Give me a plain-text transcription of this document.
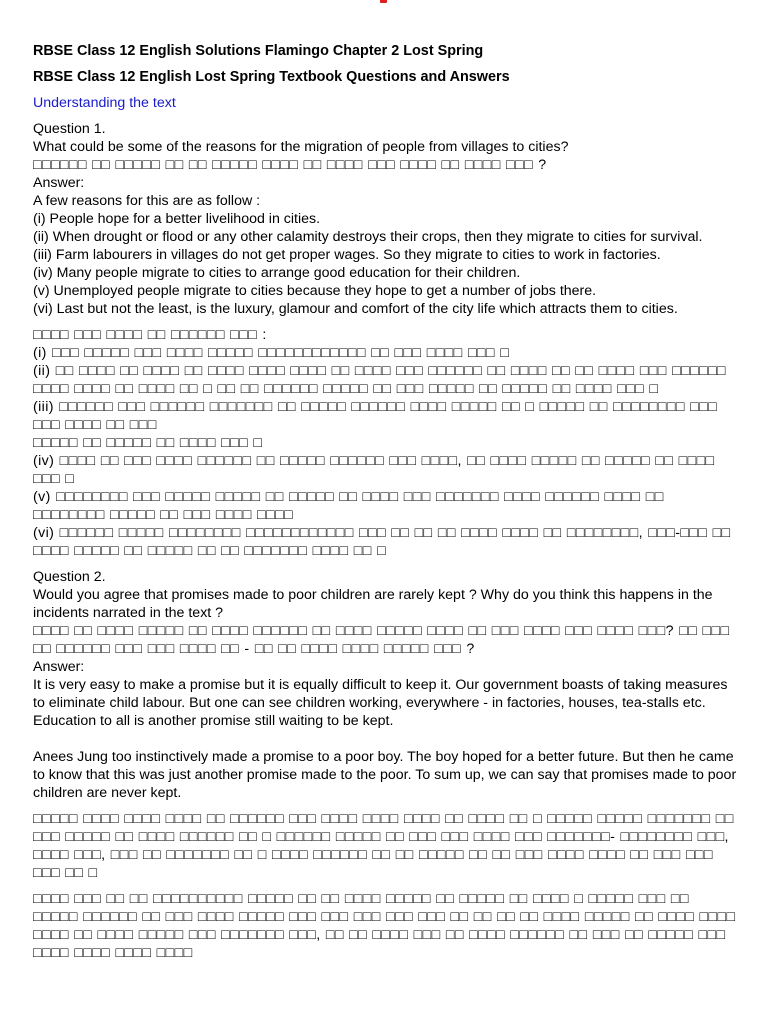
RBSE Class 12 English Solutions Flamingo Chapter 2 Lost Spring
RBSE Class 12 English Lost Spring Textbook Questions and Answers

Understanding the text

Question 1.

What could be some of the reasons for the migration of people from villages to cities?

□□□□□□ □□ □□□□□ □□ □□ □□□□□ □□□□ □□ □□□□ □□□ □□□□ □□ □□□□ □□□ ?

Answer:

A few reasons for this are as follow :

(i) People hope for a better livelihood in cities.

(ii) When drought or flood or any other calamity destroys their crops, then they migrate to cities for survival.

(iii) Farm labourers in villages do not get proper wages. So they migrate to cities to work in factories.

(iv) Many people migrate to cities to arrange good education for their children.

(v) Unemployed people migrate to cities because they hope to get a number of jobs there.

(vi) Last but not the least, is the luxury, glamour and comfort of the city life which attracts them to cities.

□□□□ □□□ □□□□ □□ □□□□□□ □□□ :

(i) □□□ □□□□□ □□□ □□□□ □□□□□ □□□□□□□□□□□□ □□ □□□ □□□□ □□□ □

(ii) □□ □□□□ □□ □□□□ □□ □□□□ □□□□ □□□□ □□ □□□□ □□□ □□□□□□ □□ □□□□ □□ □□ □□□□ □□□ □□□□□□ □□□□ □□□□ □□ □□□□ □□ □ □□ □□ □□□□□□ □□□□□ □□ □□□ □□□□□ □□ □□□□□ □□ □□□□ □□□ □

(iii) □□□□□□ □□□ □□□□□□ □□□□□□□ □□ □□□□□ □□□□□□ □□□□ □□□□□ □□ □ □□□□□ □□ □□□□□□□□ □□□ □□□ □□□□ □□ □□□

□□□□□ □□ □□□□□ □□ □□□□ □□□ □

(iv) □□□□ □□ □□□ □□□□ □□□□□□ □□ □□□□□ □□□□□□ □□□ □□□□, □□ □□□□ □□□□□ □□ □□□□□ □□ □□□□ □□□ □

(v) □□□□□□□□ □□□ □□□□□ □□□□□ □□ □□□□□ □□ □□□□ □□□ □□□□□□□ □□□□ □□□□□□ □□□□ □□ □□□□□□□□ □□□□□ □□ □□□ □□□□ □□□□

(vi) □□□□□□ □□□□□ □□□□□□□□ □□□□□□□□□□□□ □□□ □□ □□ □□ □□□□ □□□□ □□ □□□□□□□□, □□□-□□□ □□ □□□□ □□□□□ □□ □□□□□ □□ □□ □□□□□□□ □□□□ □□ □

Question 2.

Would you agree that promises made to poor children are rarely kept ? Why do you think this happens in the incidents narrated in the text ?

□□□□ □□ □□□□ □□□□□ □□ □□□□ □□□□□□ □□ □□□□ □□□□□ □□□□ □□ □□□ □□□□ □□□ □□□□ □□□? □□ □□□ □□ □□□□□□ □□□ □□□ □□□□ □□ - □□ □□ □□□□ □□□□ □□□□□ □□□ ?

Answer:

It is very easy to make a promise but it is equally difficult to keep it. Our government boasts of taking measures to eliminate child labour. But one can see children working, everywhere - in factories, houses, tea-stalls etc. Education to all is another promise still waiting to be kept.

Anees Jung too instinctively made a promise to a poor boy. The boy hoped for a better future. But then he came to know that this was just another promise made to the poor. To sum up, we can say that promises made to poor children are never kept.

□□□□□ □□□□ □□□□ □□□□ □□ □□□□□□ □□□ □□□□ □□□□ □□□□ □□ □□□□ □□ □ □□□□□ □□□□□ □□□□□□□ □□ □□□ □□□□□ □□ □□□□ □□□□□□ □□ □ □□□□□□ □□□□□ □□ □□□ □□□ □□□□ □□□ □□□□□□□- □□□□□□□□ □□□, □□□□ □□□, □□□ □□ □□□□□□□ □□ □ □□□□ □□□□□□ □□ □□ □□□□□ □□ □□ □□□ □□□□ □□□□ □□ □□□ □□□ □□□ □□ □

□□□□ □□□ □□ □□ □□□□□□□□□□ □□□□□ □□ □□ □□□□ □□□□□ □□ □□□□□ □□ □□□□ □ □□□□□ □□□ □□ □□□□□ □□□□□□ □□ □□□ □□□□ □□□□□ □□□ □□□ □□□ □□□ □□□ □□ □□ □□ □□ □□□□ □□□□□ □□ □□□□ □□□□ □□□□ □□ □□□□ □□□□□ □□□ □□□□□□□ □□□, □□ □□ □□□□ □□□ □□ □□□□ □□□□□□ □□ □□□ □□ □□□□□ □□□ □□□□ □□□□ □□□□ □□□□
